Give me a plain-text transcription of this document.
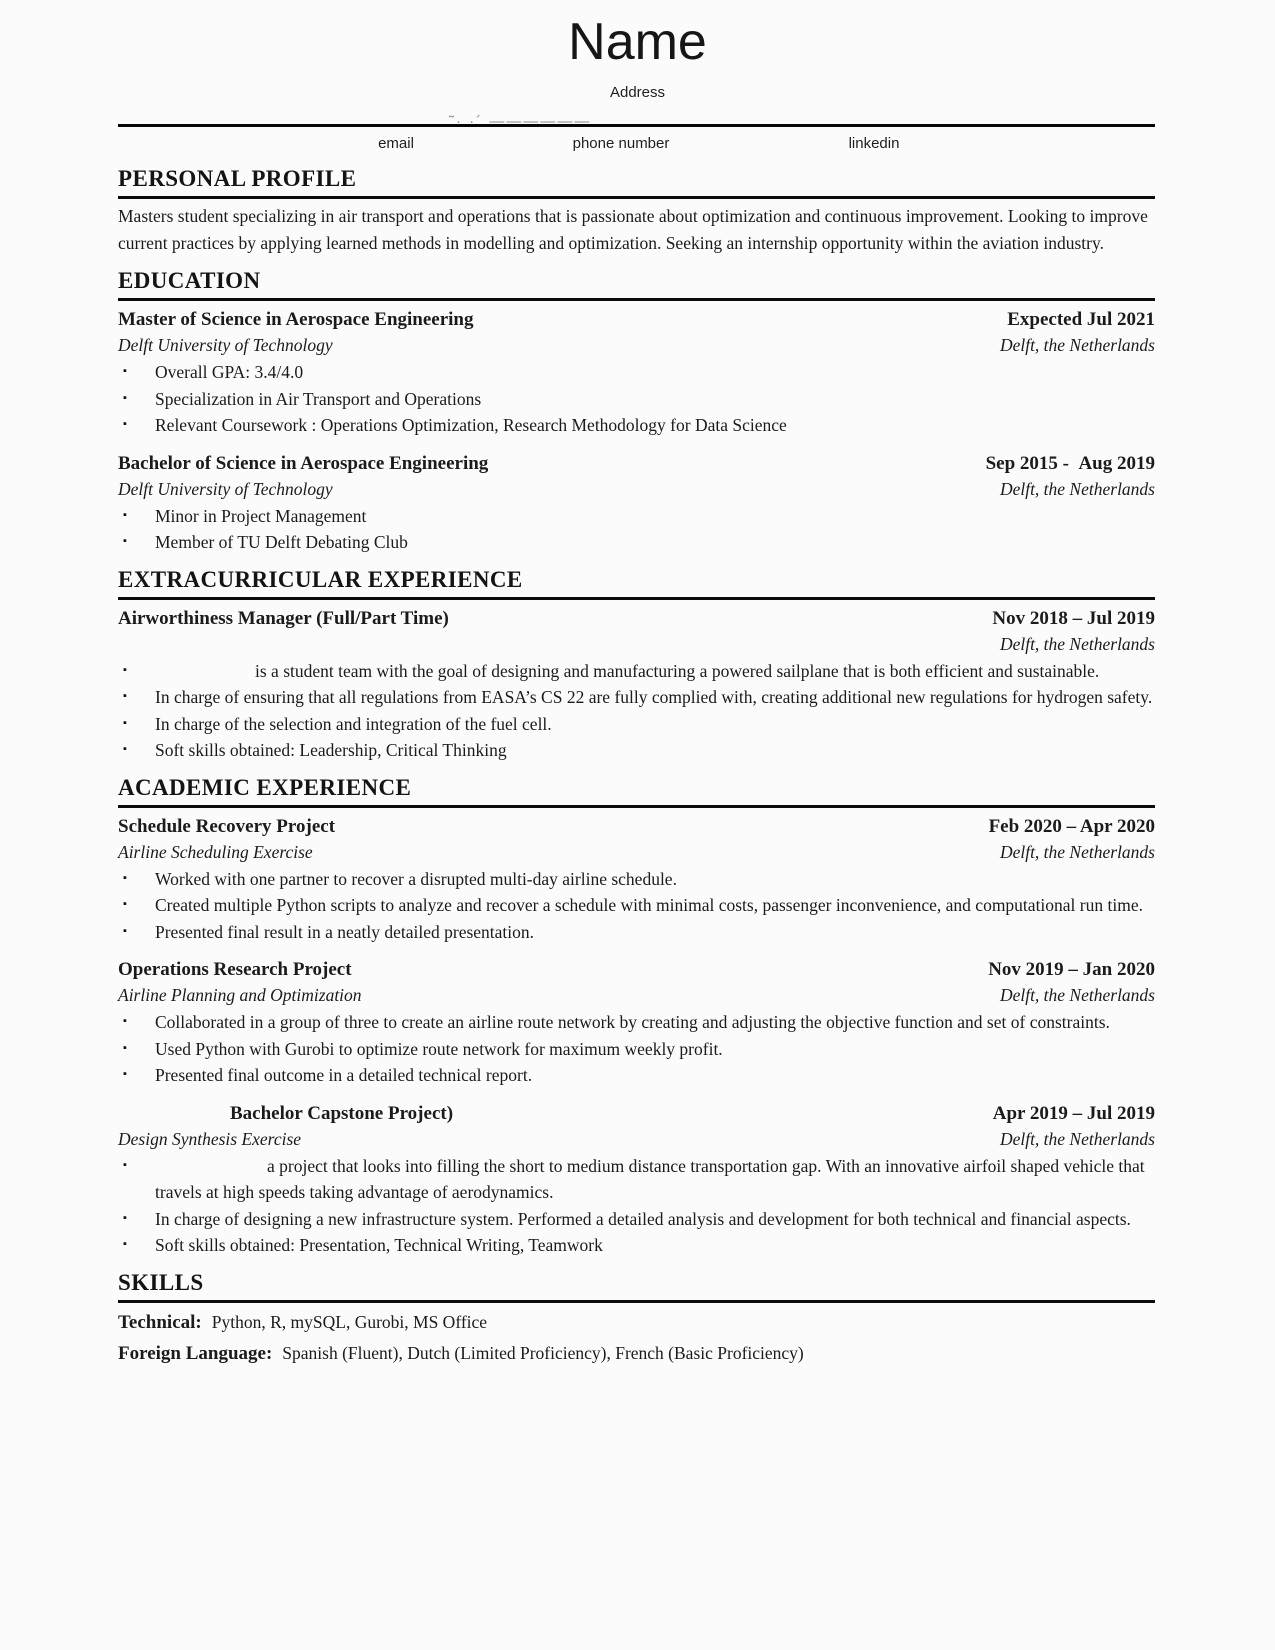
Name
Address
˜· ·´ ——————
email	phone number	linkedin
PERSONAL PROFILE

Masters student specializing in air transport and operations that is passionate about optimization and continuous improvement. Looking to improve current practices by applying learned methods in modelling and optimization. Seeking an internship opportunity within the aviation industry.

EDUCATION
Master of Science in Aerospace Engineering	Expected Jul 2021
Delft University of Technology	Delft, the Netherlands
▪ Overall GPA: 3.4/4.0
▪ Specialization in Air Transport and Operations
▪ Relevant Coursework : Operations Optimization, Research Methodology for Data Science
Bachelor of Science in Aerospace Engineering	Sep 2015 -  Aug 2019
Delft University of Technology	Delft, the Netherlands
▪ Minor in Project Management
▪ Member of TU Delft Debating Club
EXTRACURRICULAR EXPERIENCE
Airworthiness Manager (Full/Part Time)	Nov 2018 – Jul 2019
Delft, the Netherlands
▪	is a student team with the goal of designing and manufacturing a powered sailplane that is both efficient and sustainable.
▪ In charge of ensuring that all regulations from EASA’s CS 22 are fully complied with, creating additional new regulations for hydrogen safety.
▪ In charge of the selection and integration of the fuel cell.
▪ Soft skills obtained: Leadership, Critical Thinking
ACADEMIC EXPERIENCE
Schedule Recovery Project	Feb 2020 – Apr 2020
Airline Scheduling Exercise	Delft, the Netherlands
▪ Worked with one partner to recover a disrupted multi-day airline schedule.
▪ Created multiple Python scripts to analyze and recover a schedule with minimal costs, passenger inconvenience, and computational run time.
▪ Presented final result in a neatly detailed presentation.
Operations Research Project	Nov 2019 – Jan 2020
Airline Planning and Optimization	Delft, the Netherlands
▪ Collaborated in a group of three to create an airline route network by creating and adjusting the objective function and set of constraints.
▪ Used Python with Gurobi to optimize route network for maximum weekly profit.
▪ Presented final outcome in a detailed technical report.
Bachelor Capstone Project)	Apr 2019 – Jul 2019
Design Synthesis Exercise	Delft, the Netherlands
▪	a project that looks into filling the short to medium distance transportation gap. With an innovative airfoil shaped vehicle that travels at high speeds taking advantage of aerodynamics.
▪ In charge of designing a new infrastructure system. Performed a detailed analysis and development for both technical and financial aspects.
▪ Soft skills obtained: Presentation, Technical Writing, Teamwork
SKILLS
Technical: Python, R, mySQL, Gurobi, MS Office
Foreign Language: Spanish (Fluent), Dutch (Limited Proficiency), French (Basic Proficiency)
